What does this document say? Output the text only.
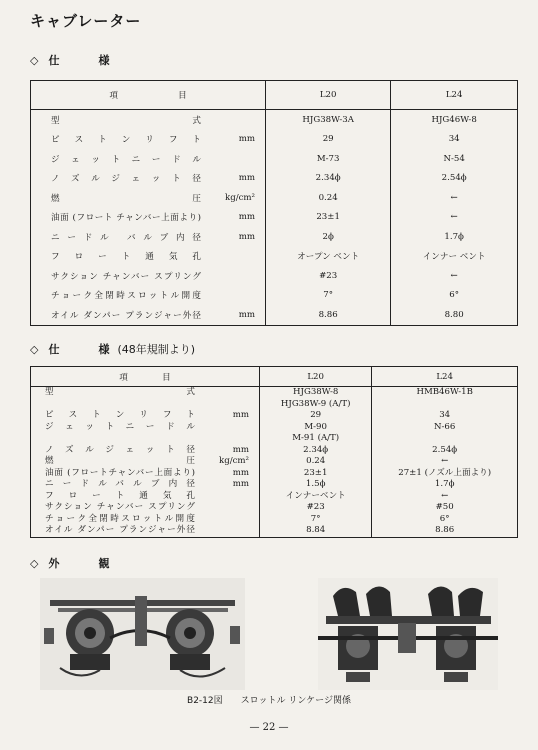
キャブレーター
◇ 仕　様
項　　　　　　　目		L20	L24
型式		HJG38W-3A	HJG46W-8
ピストンリフト	mm	29	34
ジェットニードル		M-73	N-54
ノズルジェット径	mm	2.34ϕ	2.54ϕ
燃圧	kg/cm²	0.24	←
油面 (フロート チャンバー上面より)	mm	23±1	←
ニードル バルブ内径	mm	2ϕ	1.7ϕ
フロート通気孔		オープン ベント	インナー ベント
サクション チャンバー スプリング		#23	←
チョーク全閉時スロットル開度		7°	6°
オイル ダンパー プランジャー外径	mm	8.86	8.80
◇ 仕　様(48年規制より)
項　　　　目		L20	L24
型式		HJG38W-8	HMB46W-1B
		HJG38W-9 (A/T)	
ピストンリフト	mm	29	34
ジェットニードル		M-90	N-66
		M-91 (A/T)	
ノズルジェット径	mm	2.34ϕ	2.54ϕ
燃圧	kg/cm²	0.24	←
油面 (フロートチャンバー上面より)	mm	23±1	27±1 (ノズル上面より)
ニードルバルブ内径	mm	1.5ϕ	1.7ϕ
フロート通気孔		インナーベント	←
サクション チャンバー スプリング		#23	#50
チョーク全閉時スロットル開度		7°	6°
オイル ダンパー プランジャー外径		8.84	8.86
◇ 外　観
B2-12図　　スロットル リンケージ関係
— 22 —
